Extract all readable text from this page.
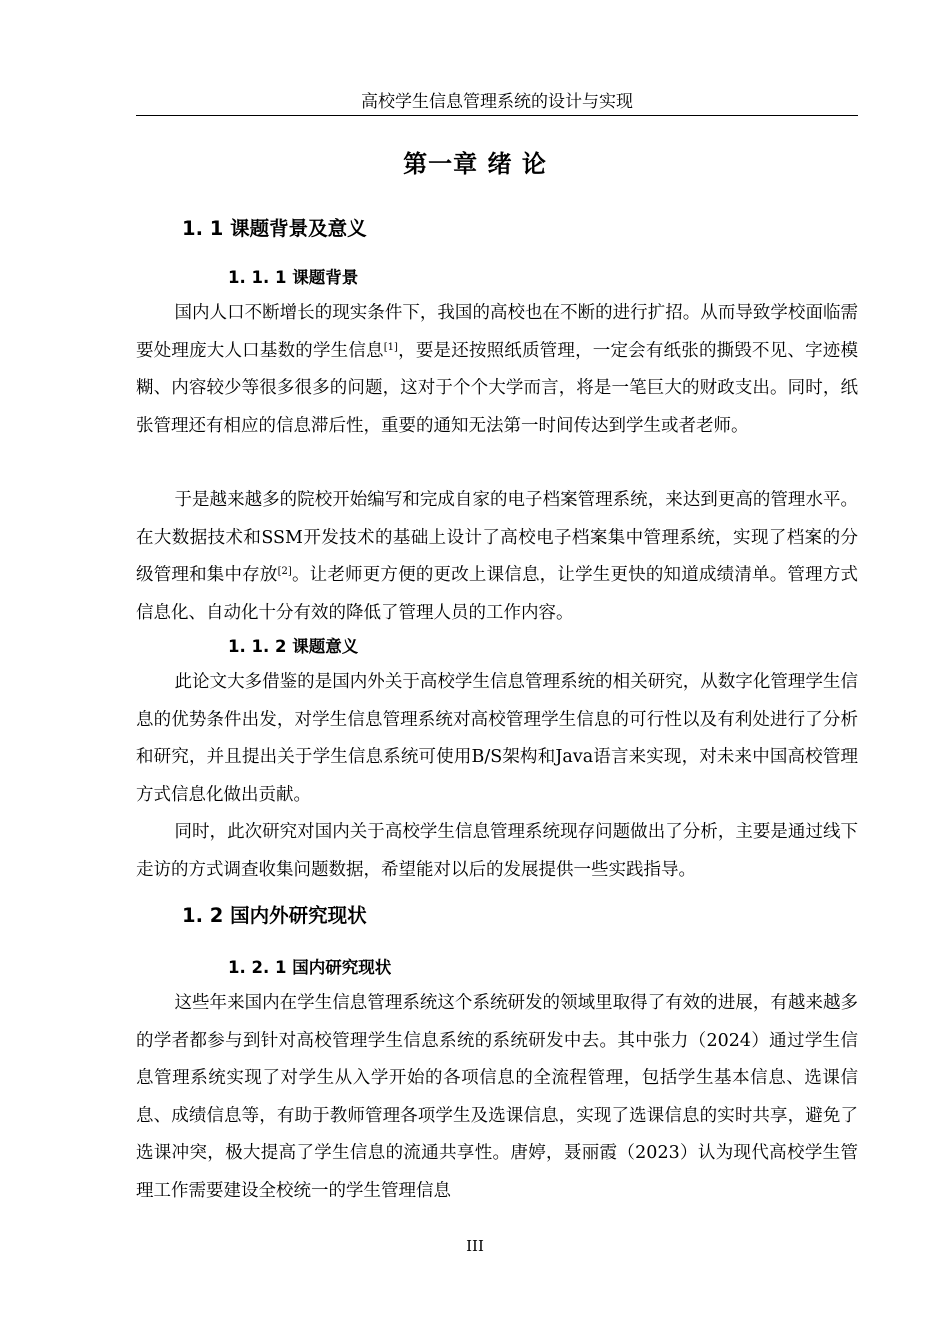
高校学生信息管理系统的设计与实现
第一章 绪 论
1. 1 课题背景及意义
1. 1. 1 课题背景

国内人口不断增长的现实条件下，我国的高校也在不断的进行扩招。从而导致学校面临需要处理庞大人口基数的学生信息[1]，要是还按照纸质管理，一定会有纸张的撕毁不见、字迹模糊、内容较少等很多很多的问题，这对于个个大学而言，将是一笔巨大的财政支出。同时，纸张管理还有相应的信息滞后性，重要的通知无法第一时间传达到学生或者老师。

于是越来越多的院校开始编写和完成自家的电子档案管理系统，来达到更高的管理水平。在大数据技术和SSM开发技术的基础上设计了高校电子档案集中管理系统，实现了档案的分级管理和集中存放[2]。让老师更方便的更改上课信息，让学生更快的知道成绩清单。管理方式信息化、自动化十分有效的降低了管理人员的工作内容。

1. 1. 2 课题意义

此论文大多借鉴的是国内外关于高校学生信息管理系统的相关研究，从数字化管理学生信息的优势条件出发，对学生信息管理系统对高校管理学生信息的可行性以及有利处进行了分析和研究，并且提出关于学生信息系统可使用B/S架构和Java语言来实现，对未来中国高校管理方式信息化做出贡献。

同时，此次研究对国内关于高校学生信息管理系统现存问题做出了分析，主要是通过线下走访的方式调查收集问题数据，希望能对以后的发展提供一些实践指导。

1. 2 国内外研究现状
1. 2. 1 国内研究现状

这些年来国内在学生信息管理系统这个系统研发的领域里取得了有效的进展，有越来越多的学者都参与到针对高校管理学生信息系统的系统研发中去。其中张力（2024）通过学生信息管理系统实现了对学生从入学开始的各项信息的全流程管理，包括学生基本信息、选课信息、成绩信息等，有助于教师管理各项学生及选课信息，实现了选课信息的实时共享，避免了选课冲突，极大提高了学生信息的流通共享性。唐婷，聂丽霞（2023）认为现代高校学生管理工作需要建设全校统一的学生管理信息

III
